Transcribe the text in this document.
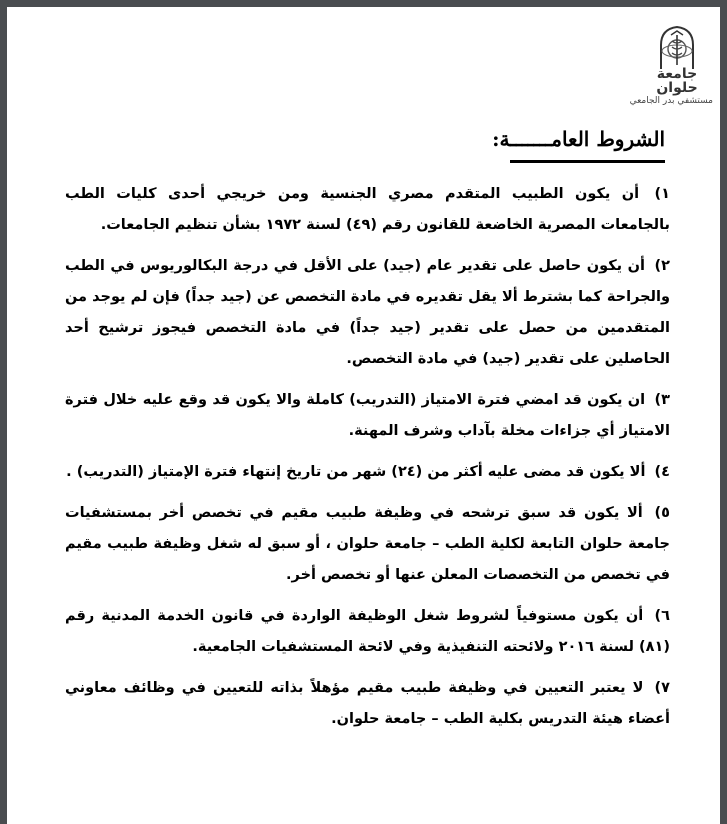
جامعة حلوان
مستشفي بدر الجامعي
الشروط العامـــــــة:
١) أن يكون الطبيب المتقدم مصري الجنسية ومن خريجي أحدى كليات الطب بالجامعات المصرية الخاضعة للقانون رقم (٤٩) لسنة ١٩٧٢ بشأن تنظيم الجامعات.
٢) أن يكون حاصل على تقدير عام (جيد) على الأقل في درجة البكالوريوس في الطب والجراحة كما بشترط ألا يقل تقديره في مادة التخصص عن (جيد جداً) فإن لم يوجد من المتقدمين من حصل على تقدير (جيد جداً) في مادة التخصص فيجوز ترشيح أحد الحاصلين على تقدير (جيد) في مادة التخصص.
٣) ان يكون قد امضي فترة الامتياز (التدريب) كاملة والا يكون قد وقع عليه خلال فترة الامتياز أي جزاءات مخلة بآداب وشرف المهنة.
٤) ألا يكون قد مضى عليه أكثر من (٢٤) شهر من تاريخ إنتهاء فترة الإمتياز (التدريب) .
٥) ألا يكون قد سبق ترشحه في وظيفة طبيب مقيم في تخصص أخر بمستشفيات جامعة حلوان التابعة لكلية الطب – جامعة حلوان ، أو سبق له شغل وظيفة طبيب مقيم في تخصص من التخصصات المعلن عنها أو تخصص أخر.
٦) أن يكون مستوفياً لشروط شغل الوظيفة الواردة في قانون الخدمة المدنية رقم (٨١) لسنة ٢٠١٦ ولائحته التنفيذية وفي لائحة المستشفيات الجامعية.
٧) لا يعتبر التعيين في وظيفة طبيب مقيم مؤهلاً بذاته للتعيين في وظائف معاوني أعضاء هيئة التدريس بكلية الطب – جامعة حلوان.
